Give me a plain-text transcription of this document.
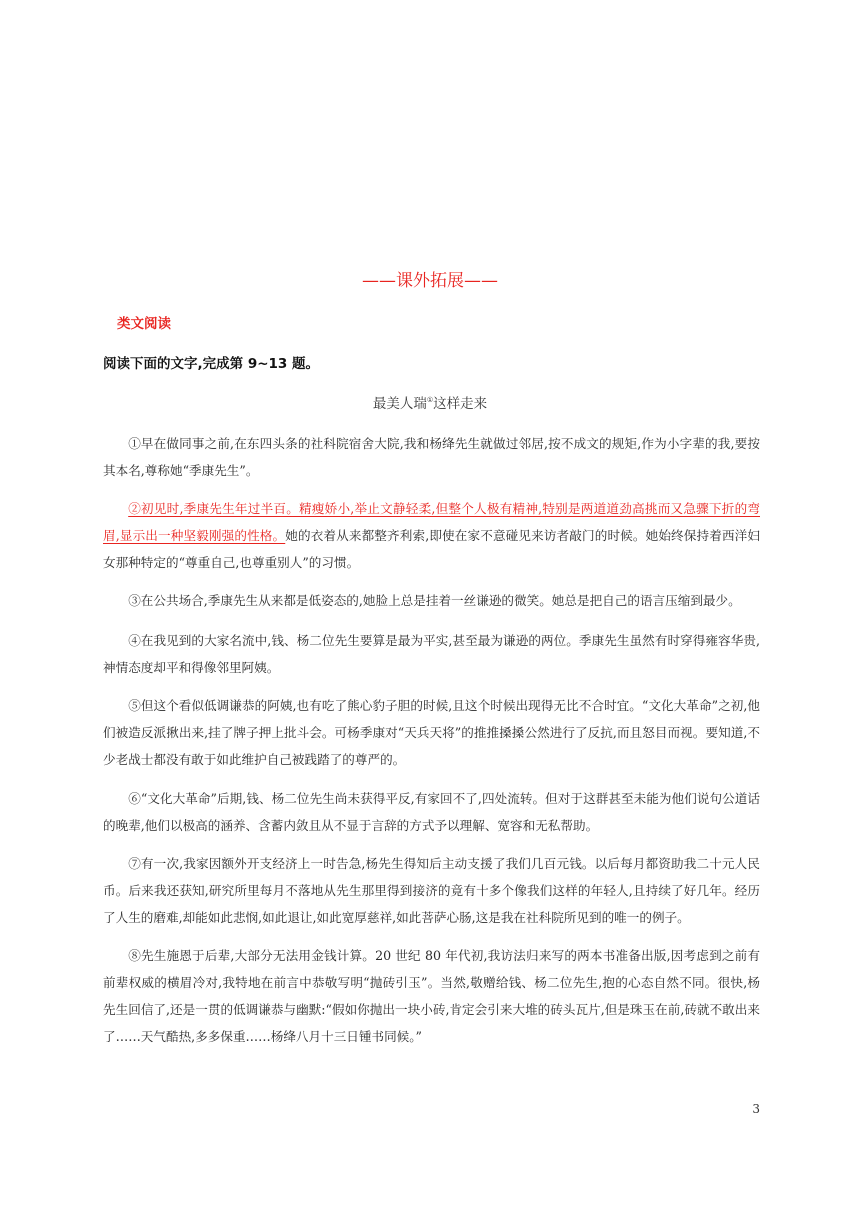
——课外拓展——
类文阅读
阅读下面的文字,完成第 9~13 题。
最美人瑞①这样走来

①早在做同事之前,在东四头条的社科院宿舍大院,我和杨绛先生就做过邻居,按不成文的规矩,作为小字辈的我,要按其本名,尊称她“季康先生”。

②初见时,季康先生年过半百。精瘦娇小,举止文静轻柔,但整个人极有精神,特别是两道道劲高挑而又急骤下折的弯眉,显示出一种坚毅刚强的性格。她的衣着从来都整齐利索,即使在家不意碰见来访者敲门的时候。她始终保持着西洋妇女那种特定的“尊重自己,也尊重别人”的习惯。

③在公共场合,季康先生从来都是低姿态的,她脸上总是挂着一丝谦逊的微笑。她总是把自己的语言压缩到最少。

④在我见到的大家名流中,钱、杨二位先生要算是最为平实,甚至最为谦逊的两位。季康先生虽然有时穿得雍容华贵,神情态度却平和得像邻里阿姨。

⑤但这个看似低调谦恭的阿姨,也有吃了熊心豹子胆的时候,且这个时候出现得无比不合时宜。“文化大革命”之初,他们被造反派揪出来,挂了牌子押上批斗会。可杨季康对“天兵天将”的推推搡搡公然进行了反抗,而且怒目而视。要知道,不少老战士都没有敢于如此维护自己被践踏了的尊严的。

⑥“文化大革命”后期,钱、杨二位先生尚未获得平反,有家回不了,四处流转。但对于这群甚至未能为他们说句公道话的晚辈,他们以极高的涵养、含蓄内敛且从不显于言辞的方式予以理解、宽容和无私帮助。

⑦有一次,我家因额外开支经济上一时告急,杨先生得知后主动支援了我们几百元钱。以后每月都资助我二十元人民币。后来我还获知,研究所里每月不落地从先生那里得到接济的竟有十多个像我们这样的年轻人,且持续了好几年。经历了人生的磨难,却能如此悲悯,如此退让,如此宽厚慈祥,如此菩萨心肠,这是我在社科院所见到的唯一的例子。

⑧先生施恩于后辈,大部分无法用金钱计算。20 世纪 80 年代初,我访法归来写的两本书准备出版,因考虑到之前有前辈权威的横眉冷对,我特地在前言中恭敬写明“抛砖引玉”。当然,敬赠给钱、杨二位先生,抱的心态自然不同。很快,杨先生回信了,还是一贯的低调谦恭与幽默:“假如你抛出一块小砖,肯定会引来大堆的砖头瓦片,但是珠玉在前,砖就不敢出来了……天气酷热,多多保重……杨绛八月十三日锺书同候。”

3
